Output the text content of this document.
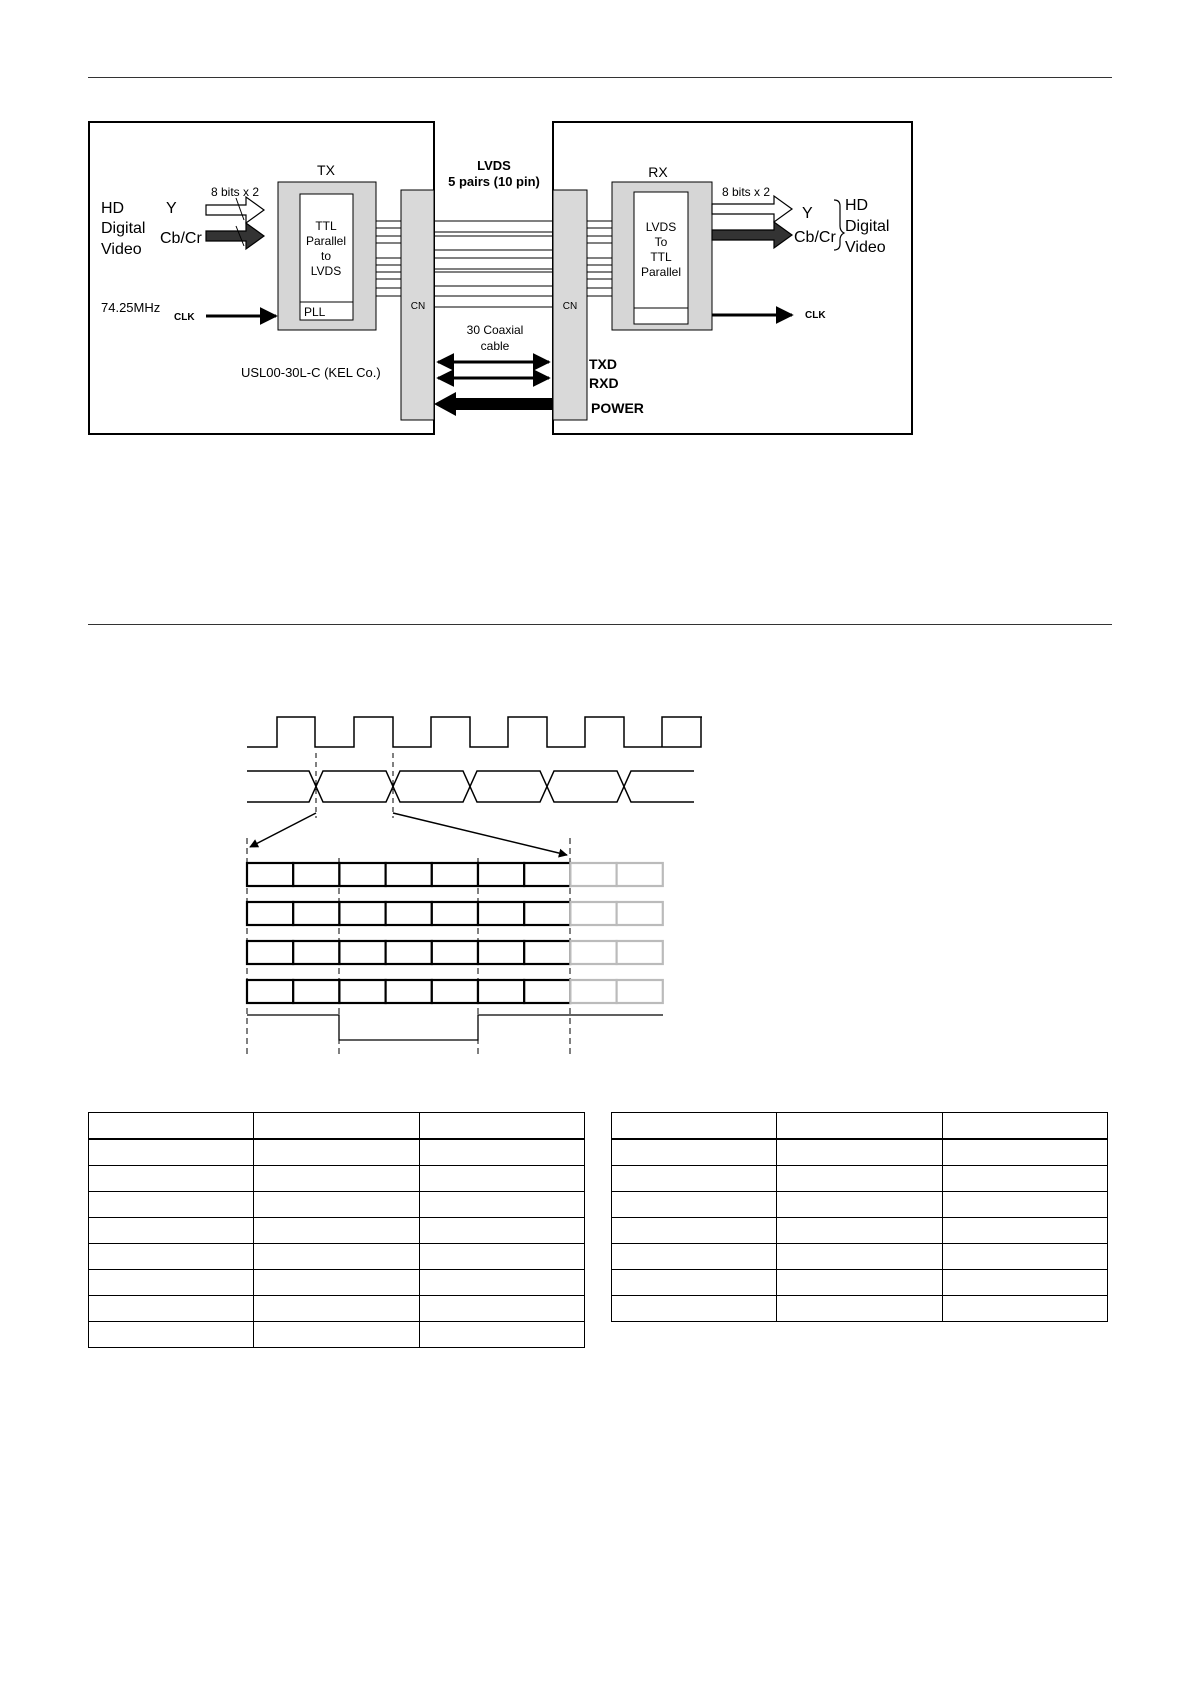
TX	RX
LVDS
5 pairs (10 pin)
8 bits x 2	8 bits x 2
HD
Digital
Video
Y
Cb/Cr
Y
Cb/Cr
HD
Digital
Video
TTL
Parallel
to
LVDS
PLL
LVDS
To
TTL
Parallel
74.25MHz
CLK	CLK
CN	CN
30 Coaxial
cable
USL00-30L-C (KEL Co.)
TXD
RXD
POWER
